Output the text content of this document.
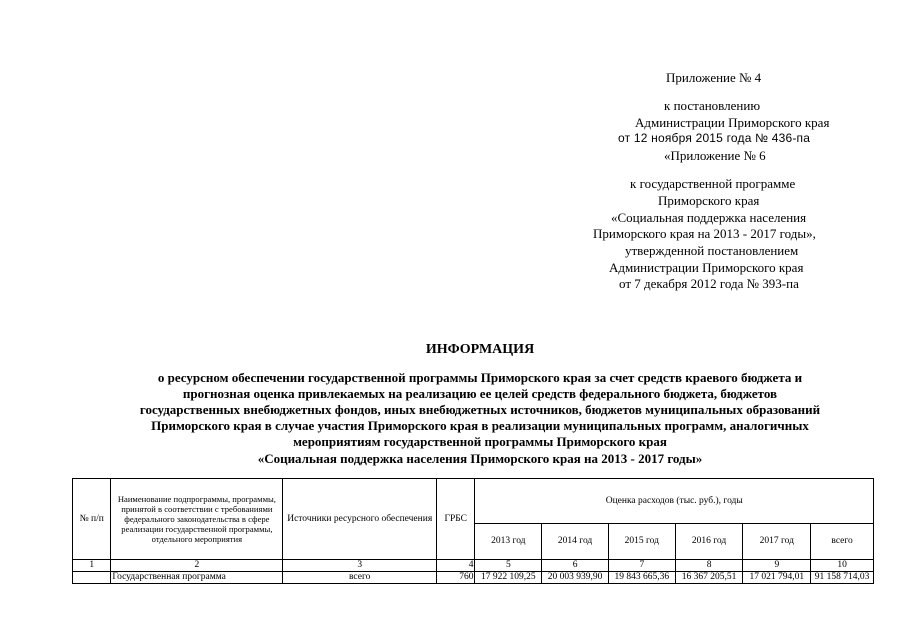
Приложение № 4
к постановлению
Администрации Приморского края
от 12 ноября 2015 года № 436-па
«Приложение № 6
к государственной программе
Приморского края
«Социальная поддержка населения
Приморского края на 2013 - 2017 годы»,
утвержденной постановлением
Администрации Приморского края
от 7 декабря 2012 года № 393-па
ИНФОРМАЦИЯ
о ресурсном обеспечении государственной программы Приморского края за счет средств краевого бюджета и
прогнозная оценка привлекаемых на реализацию ее целей средств федерального бюджета, бюджетов
государственных внебюджетных фондов, иных внебюджетных источников, бюджетов муниципальных образований
Приморского края в случае участия Приморского края в реализации муниципальных программ, аналогичных
мероприятиям государственной программы Приморского края
«Социальная поддержка населения Приморского края на 2013 - 2017 годы»
№ п/п	Наименование подпрограммы, программы, принятой в соответствии с требованиями федерального законодательства в сфере реализации государственной программы, отдельного мероприятия	Источники ресурсного обеспечения	ГРБС	Оценка расходов (тыс. руб.), годы					
				2013 год	2014 год	2015 год	2016 год	2017 год	всего
1	2	3	4	5	6	7	8	9	10
	Государственная программа	всего	760	17 922 109,25	20 003 939,90	19 843 665,36	16 367 205,51	17 021 794,01	91 158 714,03
